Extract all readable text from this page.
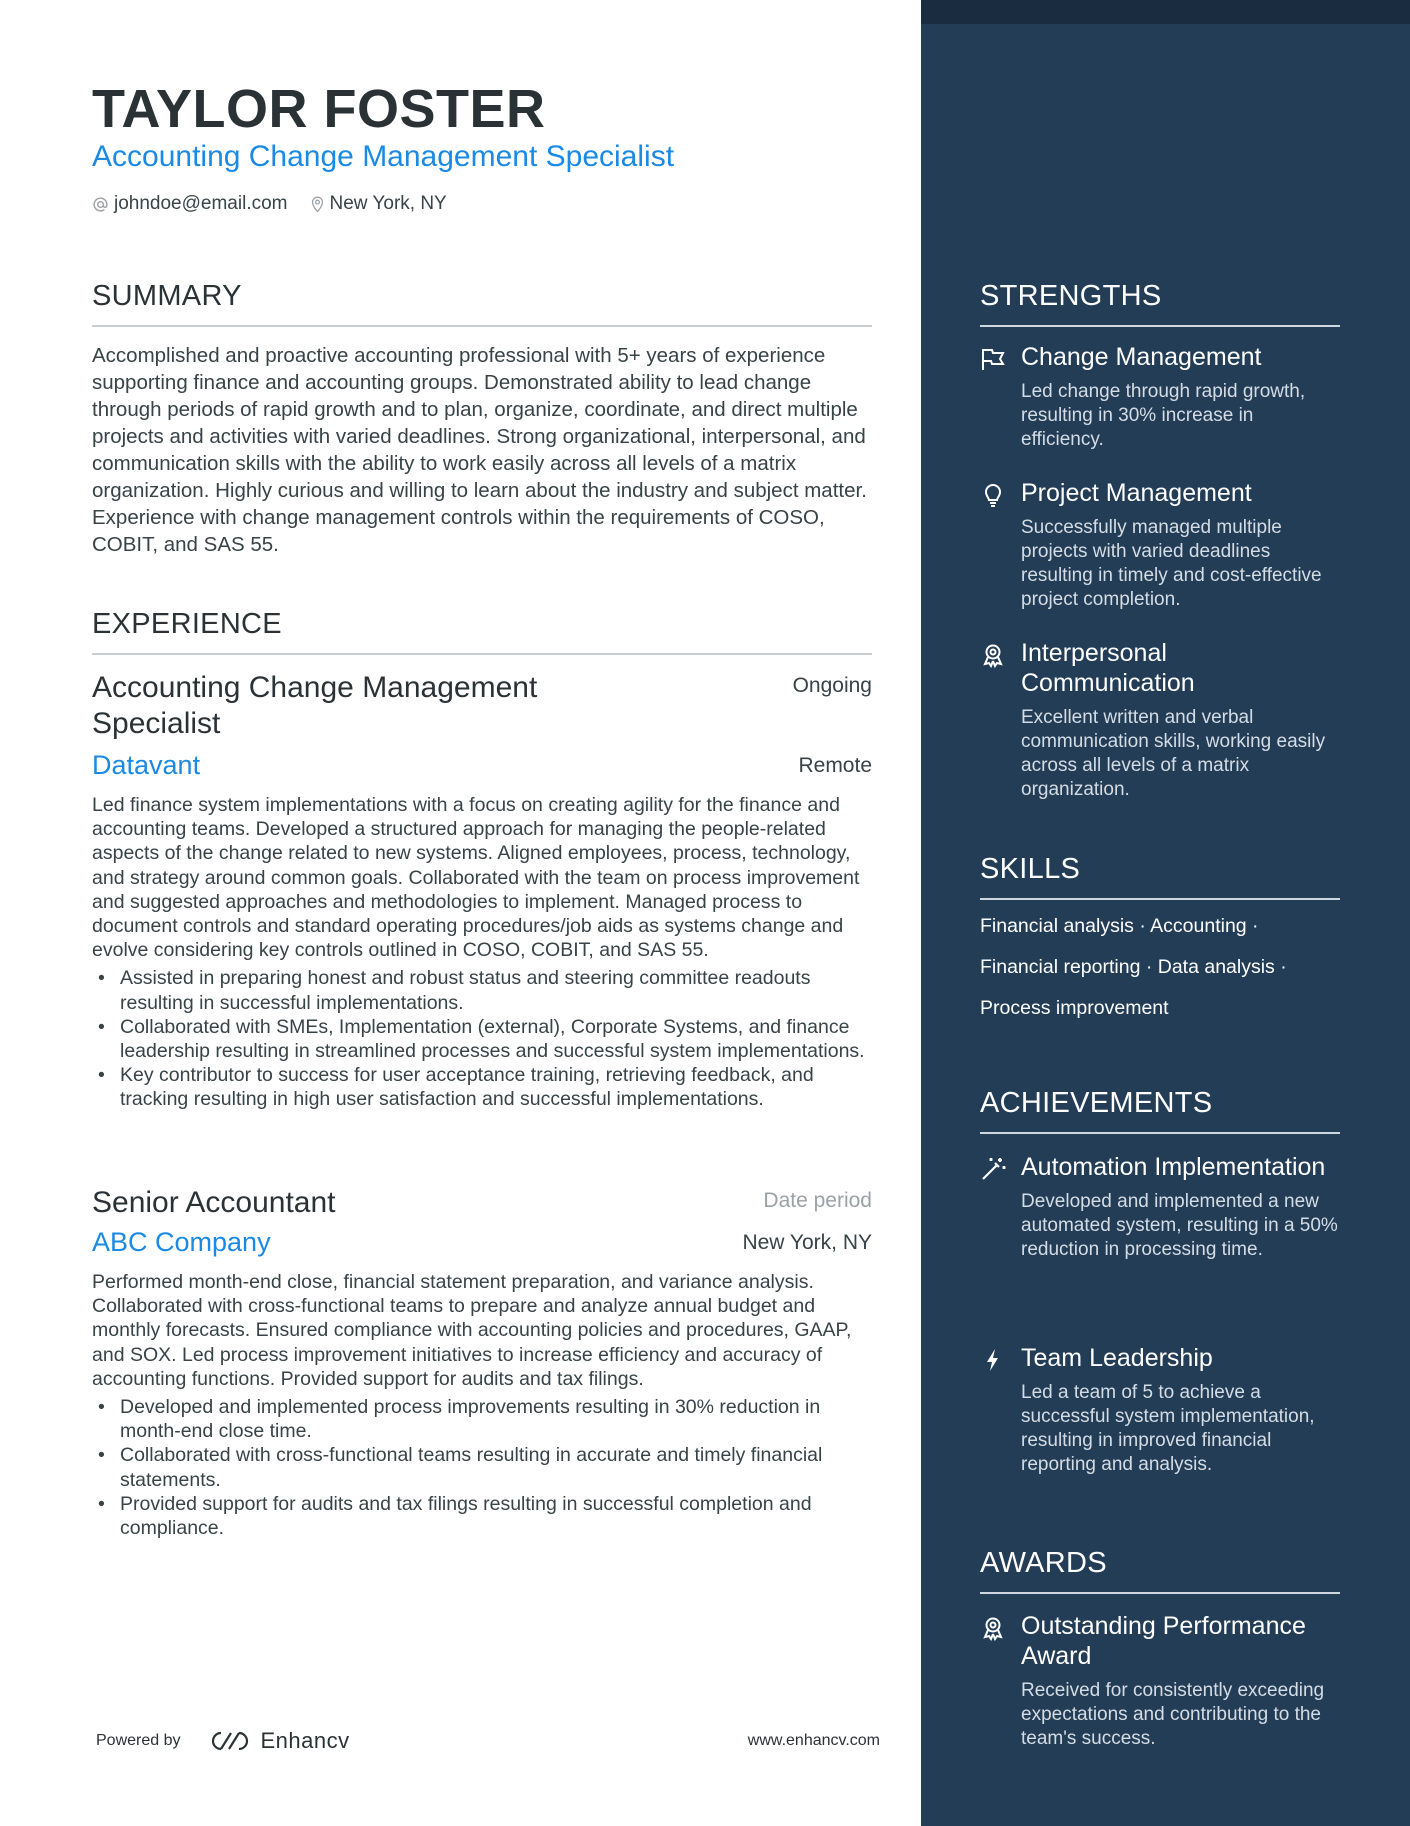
TAYLOR FOSTER
Accounting Change Management Specialist
johndoe@email.com New York, NY
SUMMARY
Accomplished and proactive accounting professional with 5+ years of experience supporting finance and accounting groups. Demonstrated ability to lead change through periods of rapid growth and to plan, organize, coordinate, and direct multiple projects and activities with varied deadlines. Strong organizational, interpersonal, and communication skills with the ability to work easily across all levels of a matrix organization. Highly curious and willing to learn about the industry and subject matter. Experience with change management controls within the requirements of COSO, COBIT, and SAS 55.
EXPERIENCE
Accounting Change Management Specialist
Ongoing
Datavant	Remote
Led finance system implementations with a focus on creating agility for the finance and accounting teams. Developed a structured approach for managing the people-related aspects of the change related to new systems. Aligned employees, process, technology, and strategy around common goals. Collaborated with the team on process improvement and suggested approaches and methodologies to implement. Managed process to document controls and standard operating procedures/job aids as systems change and evolve considering key controls outlined in COSO, COBIT, and SAS 55.
• Assisted in preparing honest and robust status and steering committee readouts resulting in successful implementations.
• Collaborated with SMEs, Implementation (external), Corporate Systems, and finance leadership resulting in streamlined processes and successful system implementations.
• Key contributor to success for user acceptance training, retrieving feedback, and tracking resulting in high user satisfaction and successful implementations.
Senior Accountant	Date period
ABC Company	New York, NY
Performed month-end close, financial statement preparation, and variance analysis. Collaborated with cross-functional teams to prepare and analyze annual budget and monthly forecasts. Ensured compliance with accounting policies and procedures, GAAP, and SOX. Led process improvement initiatives to increase efficiency and accuracy of accounting functions. Provided support for audits and tax filings.
• Developed and implemented process improvements resulting in 30% reduction in month-end close time.
• Collaborated with cross-functional teams resulting in accurate and timely financial statements.
• Provided support for audits and tax filings resulting in successful completion and compliance.
Powered by	Enhancv	www.enhancv.com
STRENGTHS
Change Management
Led change through rapid growth, resulting in 30% increase in efficiency.
Project Management
Successfully managed multiple projects with varied deadlines resulting in timely and cost-effective project completion.
Interpersonal Communication
Excellent written and verbal communication skills, working easily across all levels of a matrix organization.
SKILLS
Financial analysis · Accounting ·
Financial reporting · Data analysis ·
Process improvement
ACHIEVEMENTS
Automation Implementation
Developed and implemented a new automated system, resulting in a 50% reduction in processing time.
Team Leadership
Led a team of 5 to achieve a successful system implementation, resulting in improved financial reporting and analysis.
AWARDS
Outstanding Performance Award
Received for consistently exceeding expectations and contributing to the team's success.
